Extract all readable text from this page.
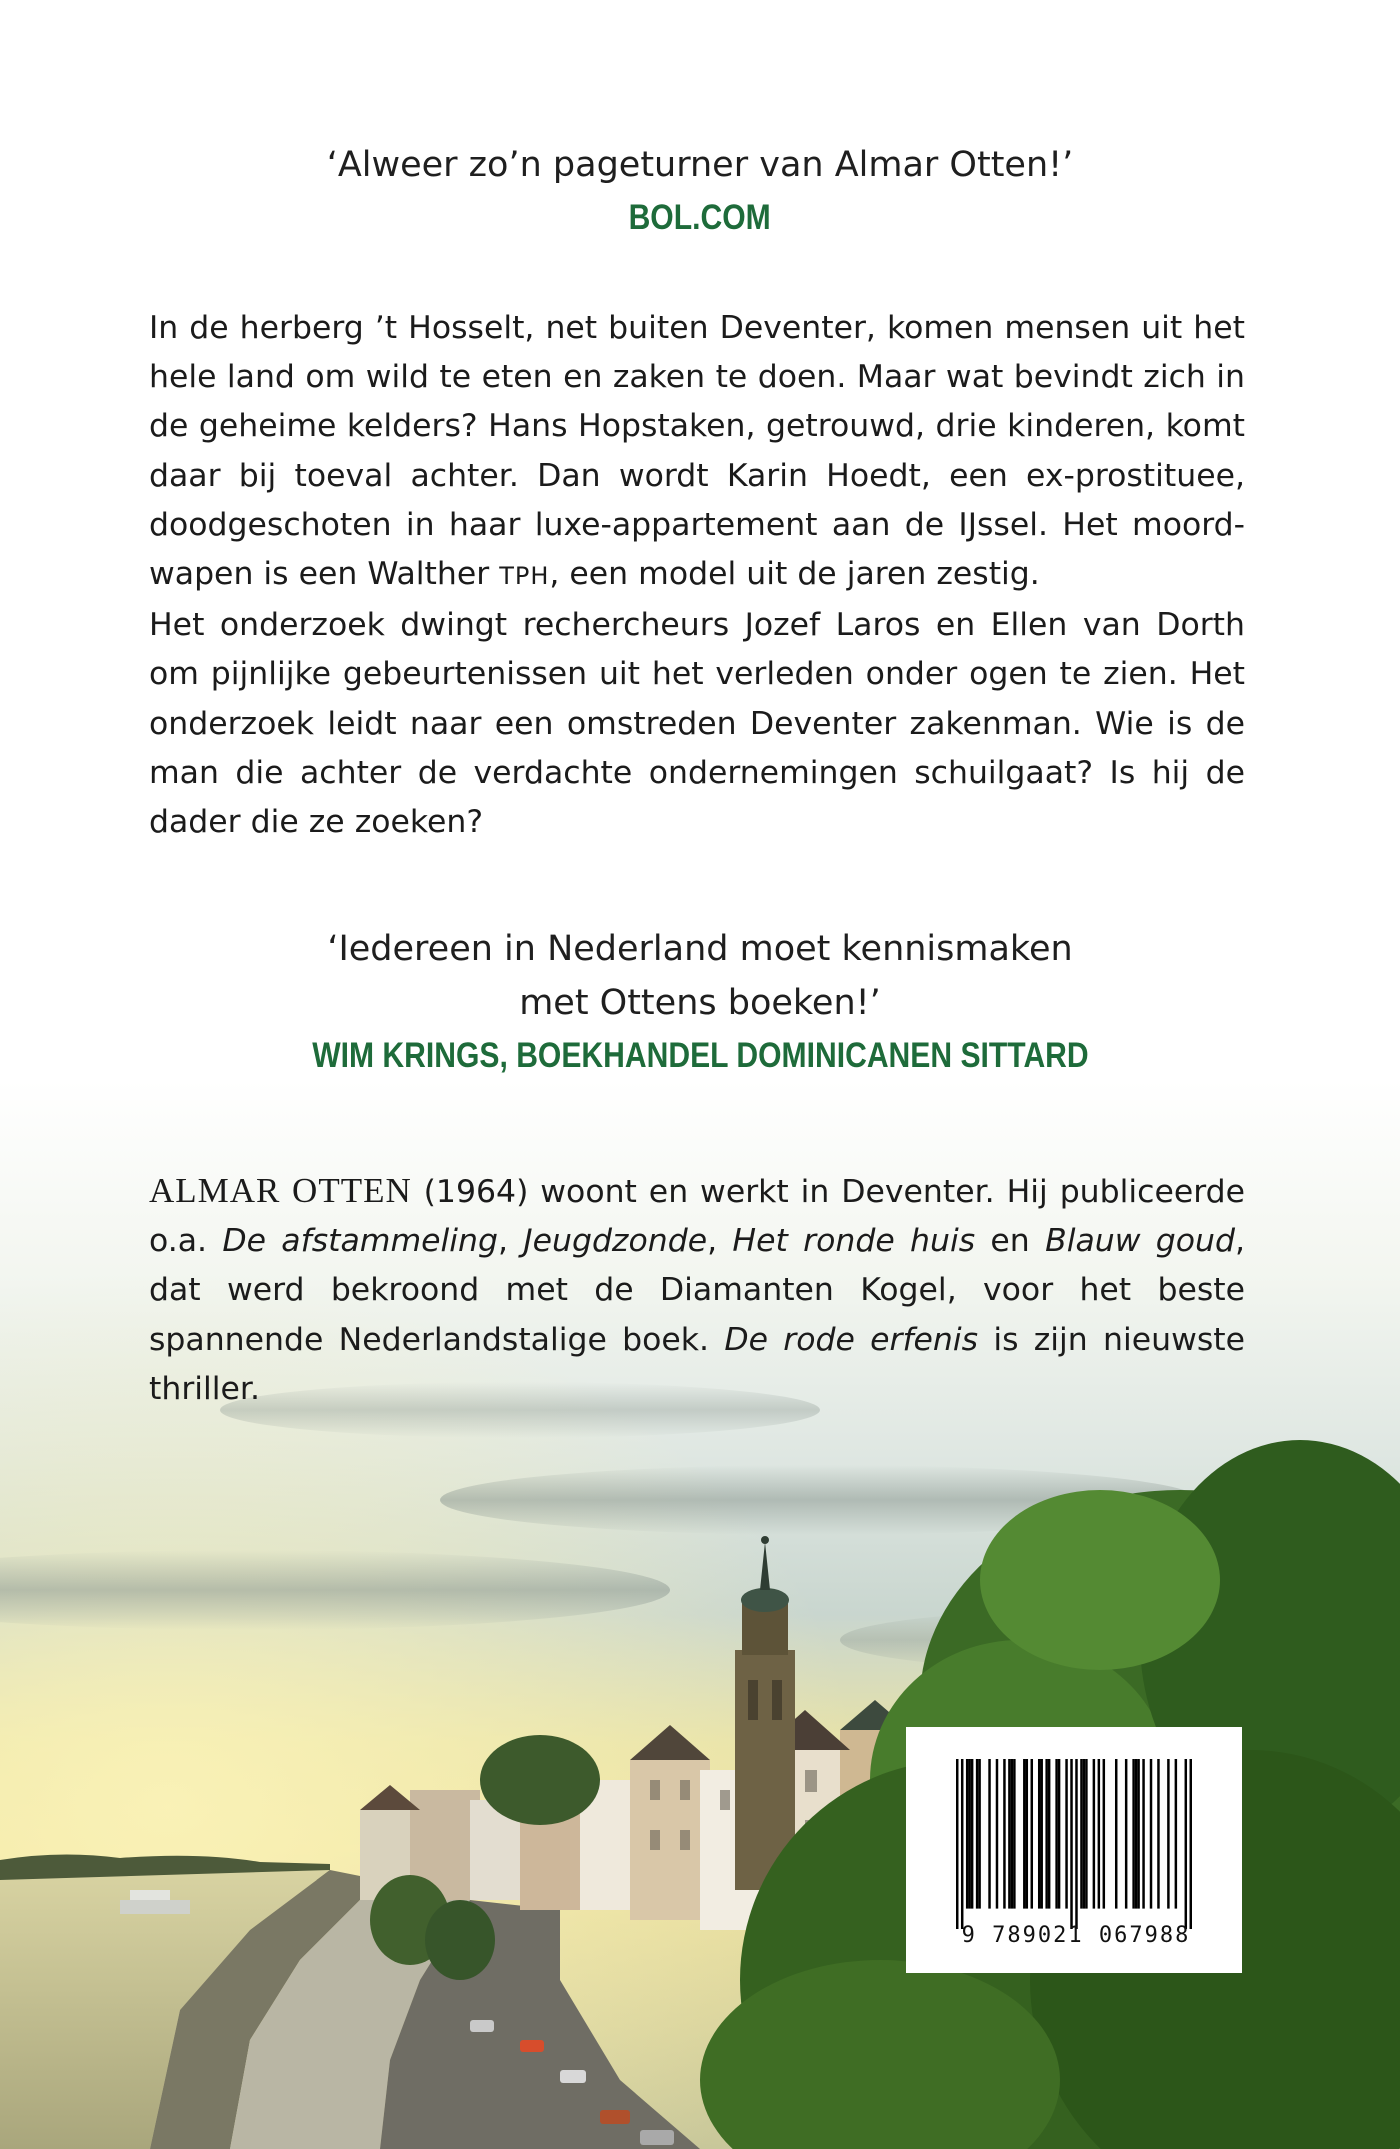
‘Alweer zo’n pageturner van Almar Otten!’
BOL.COM

In de herberg ’t Hosselt, net buiten Deventer, komen mensen uit het hele land om wild te eten en zaken te doen. Maar wat bevindt zich in de geheime kelders? Hans Hopstaken, getrouwd, drie kinderen, komt daar bij toeval achter. Dan wordt Karin Hoedt, een ex-prostituee, doodgeschoten in haar luxe-appartement aan de IJssel. Het moord-wapen is een Walther TPH, een model uit de jaren zestig.

Het onderzoek dwingt rechercheurs Jozef Laros en Ellen van Dorth om pijnlijke gebeurtenissen uit het verleden onder ogen te zien. Het onderzoek leidt naar een omstreden Deventer zakenman. Wie is de man die achter de verdachte ondernemingen schuilgaat? Is hij de dader die ze zoeken?

‘Iedereen in Nederland moet kennismaken
met Ottens boeken!’
WIM KRINGS, BOEKHANDEL DOMINICANEN SITTARD

ALMAR OTTEN (1964) woont en werkt in Deventer. Hij publiceerde o.a. De afstammeling, Jeugdzonde, Het ronde huis en Blauw goud, dat werd bekroond met de Diamanten Kogel, voor het beste spannende Nederlandstalige boek. De rode erfenis is zijn nieuwste thriller.

9 789021 067988
